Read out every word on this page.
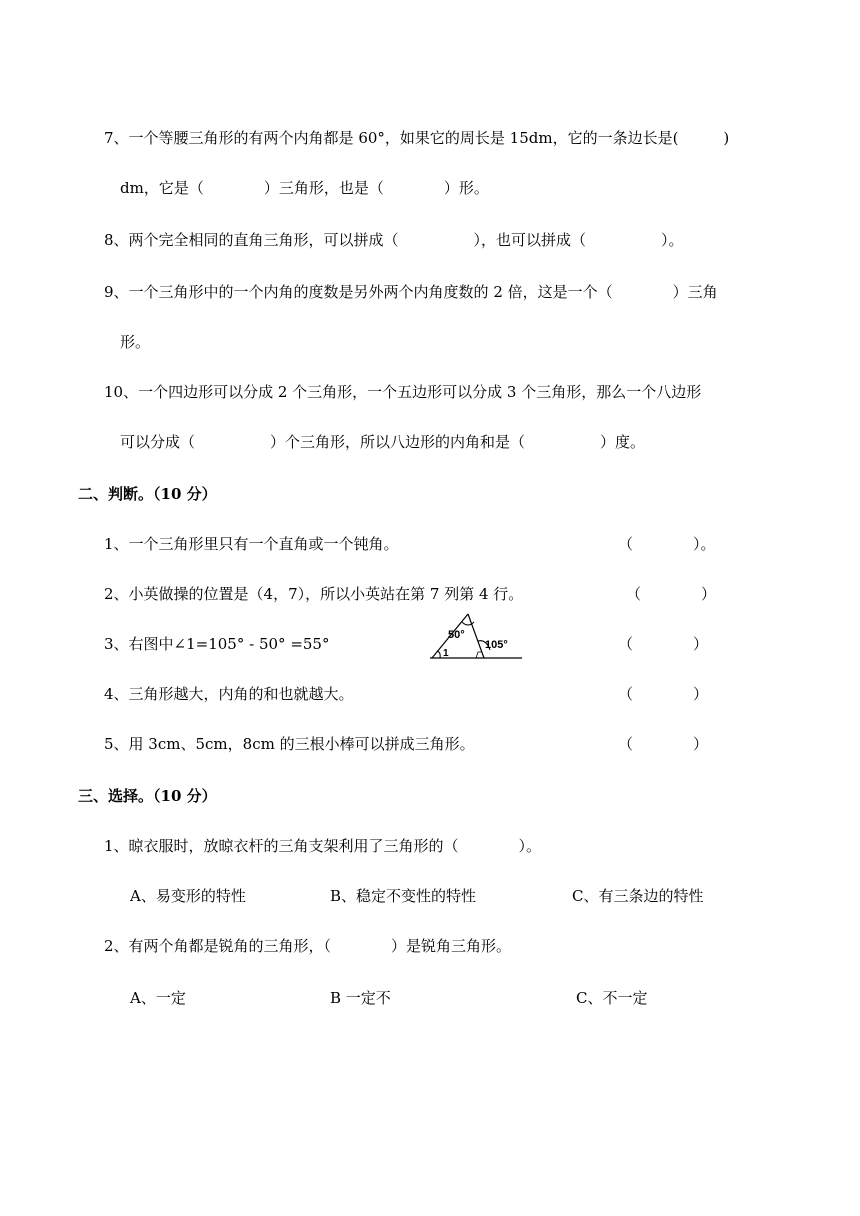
7、一个等腰三角形的有两个内角都是 60°，如果它的周长是 15dm，它的一条边长是(　　　)
dm，它是（　　　　）三角形，也是（　　　　）形。
8、两个完全相同的直角三角形，可以拼成（　　　　　），也可以拼成（　　　　　）。
9、一个三角形中的一个内角的度数是另外两个内角度数的 2 倍，这是一个（　　　　）三角
形。
10、一个四边形可以分成 2 个三角形，一个五边形可以分成 3 个三角形，那么一个八边形
可以分成（　　　　　）个三角形，所以八边形的内角和是（　　　　　）度。
二、判断。（10 分）
1、一个三角形里只有一个直角或一个钝角。	（　　　　）。
2、小英做操的位置是（4，7），所以小英站在第 7 列第 4 行。	（　　　　）
3、右图中∠1=105° - 50° =55°	（　　　　）
50°
105°
1
4、三角形越大，内角的和也就越大。	（　　　　）
5、用 3cm、5cm，8cm 的三根小棒可以拼成三角形。	（　　　　）
三、选择。（10 分）
1、晾衣服时，放晾衣杆的三角支架利用了三角形的（　　　　）。
A、易变形的特性	B、稳定不变性的特性	C、有三条边的特性
2、有两个角都是锐角的三角形，（　　　　）是锐角三角形。
A、一定	B 一定不	C、不一定
